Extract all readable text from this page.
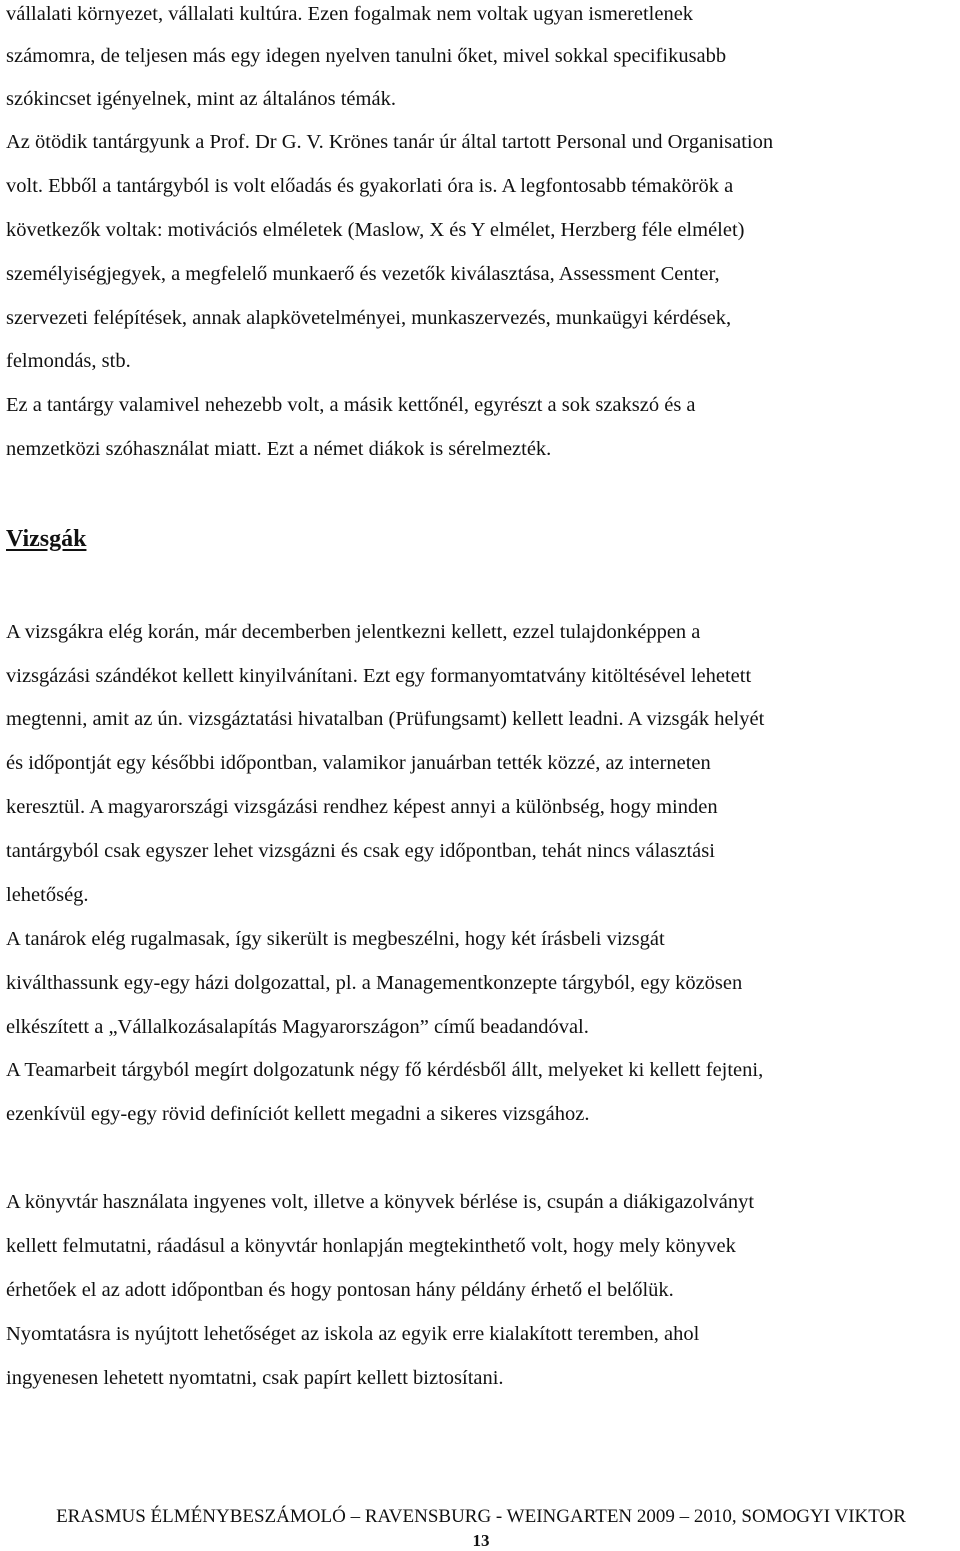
vállalati környezet, vállalati kultúra. Ezen fogalmak nem voltak ugyan ismeretlenek
számomra, de teljesen más egy idegen nyelven tanulni őket, mivel sokkal specifikusabb
szókincset igényelnek, mint az általános témák.
Az ötödik tantárgyunk a Prof. Dr G. V. Krönes tanár úr által tartott Personal und Organisation
volt. Ebből a tantárgyból is volt előadás és gyakorlati óra is. A legfontosabb témakörök a
következők voltak: motivációs elméletek (Maslow, X és Y elmélet, Herzberg féle elmélet)
személyiségjegyek, a megfelelő munkaerő és vezetők kiválasztása, Assessment Center,
szervezeti felépítések, annak alapkövetelményei, munkaszervezés, munkaügyi kérdések,
felmondás, stb.
Ez a tantárgy valamivel nehezebb volt, a másik kettőnél, egyrészt a sok szakszó és a
nemzetközi szóhasználat miatt. Ezt a német diákok is sérelmezték.
Vizsgák
A vizsgákra elég korán, már decemberben jelentkezni kellett, ezzel tulajdonképpen a
vizsgázási szándékot kellett kinyilvánítani. Ezt egy formanyomtatvány kitöltésével lehetett
megtenni, amit az ún. vizsgáztatási hivatalban (Prüfungsamt) kellett leadni. A vizsgák helyét
és időpontját egy későbbi időpontban, valamikor januárban tették közzé, az interneten
keresztül. A magyarországi vizsgázási rendhez képest annyi a különbség, hogy minden
tantárgyból csak egyszer lehet vizsgázni és csak egy időpontban, tehát nincs választási
lehetőség.
A tanárok elég rugalmasak, így sikerült is megbeszélni, hogy két írásbeli vizsgát
kiválthassunk egy-egy házi dolgozattal, pl. a Managementkonzepte tárgyból, egy közösen
elkészített a „Vállalkozásalapítás Magyarországon” című beadandóval.
A Teamarbeit tárgyból megírt dolgozatunk négy fő kérdésből állt, melyeket ki kellett fejteni,
ezenkívül egy-egy rövid definíciót kellett megadni a sikeres vizsgához.
A könyvtár használata ingyenes volt, illetve a könyvek bérlése is, csupán a diákigazolványt
kellett felmutatni, ráadásul a könyvtár honlapján megtekinthető volt, hogy mely könyvek
érhetőek el az adott időpontban és hogy pontosan hány példány érhető el belőlük.
Nyomtatásra is nyújtott lehetőséget az iskola az egyik erre kialakított teremben, ahol
ingyenesen lehetett nyomtatni, csak papírt kellett biztosítani.
ERASMUS ÉLMÉNYBESZÁMOLÓ – RAVENSBURG - WEINGARTEN 2009 – 2010, SOMOGYI VIKTOR
13
